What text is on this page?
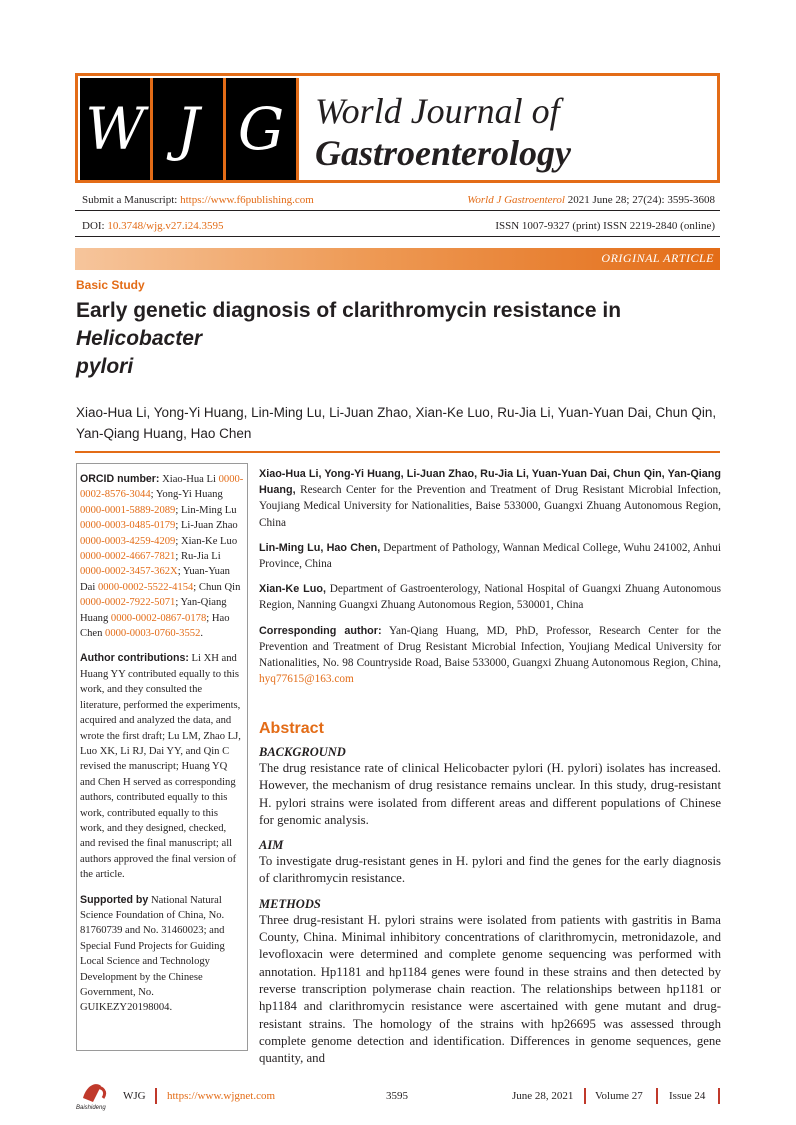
W J G World Journal of
Gastroenterology
Submit a Manuscript: https://www.f6publishing.com	World J Gastroenterol 2021 June 28; 27(24): 3595-3608
DOI: 10.3748/wjg.v27.i24.3595	ISSN 1007-9327 (print) ISSN 2219-2840 (online)
ORIGINAL ARTICLE
Basic Study
Early genetic diagnosis of clarithromycin resistance in Helicobacter
pylori
Xiao-Hua Li, Yong-Yi Huang, Lin-Ming Lu, Li-Juan Zhao, Xian-Ke Luo, Ru-Jia Li, Yuan-Yuan Dai, Chun Qin,
Yan-Qiang Huang, Hao Chen

ORCID number: Xiao-Hua Li 0000-0002-8576-3044; Yong-Yi Huang 0000-0001-5889-2089; Lin-Ming Lu 0000-0003-0485-0179; Li-Juan Zhao 0000-0003-4259-4209; Xian-Ke Luo 0000-0002-4667-7821; Ru-Jia Li 0000-0002-3457-362X; Yuan-Yuan Dai 0000-0002-5522-4154; Chun Qin 0000-0002-7922-5071; Yan-Qiang Huang 0000-0002-0867-0178; Hao Chen 0000-0003-0760-3552.

Author contributions: Li XH and Huang YY contributed equally to this work, and they consulted the literature, performed the experiments, acquired and analyzed the data, and wrote the first draft; Lu LM, Zhao LJ, Luo XK, Li RJ, Dai YY, and Qin C revised the manuscript; Huang YQ and Chen H served as corresponding authors, contributed equally to this work, contributed equally to this work, and they designed, checked, and revised the final manuscript; all authors approved the final version of the article.

Supported by National Natural Science Foundation of China, No. 81760739 and No. 31460023; and Special Fund Projects for Guiding Local Science and Technology Development by the Chinese Government, No. GUIKEZY20198004.

Xiao-Hua Li, Yong-Yi Huang, Li-Juan Zhao, Ru-Jia Li, Yuan-Yuan Dai, Chun Qin, Yan-Qiang Huang, Research Center for the Prevention and Treatment of Drug Resistant Microbial Infection, Youjiang Medical University for Nationalities, Baise 533000, Guangxi Zhuang Autonomous Region, China

Lin-Ming Lu, Hao Chen, Department of Pathology, Wannan Medical College, Wuhu 241002, Anhui Province, China

Xian-Ke Luo, Department of Gastroenterology, National Hospital of Guangxi Zhuang Autonomous Region, Nanning Guangxi Zhuang Autonomous Region, 530001, China

Corresponding author: Yan-Qiang Huang, MD, PhD, Professor, Research Center for the Prevention and Treatment of Drug Resistant Microbial Infection, Youjiang Medical University for Nationalities, No. 98 Countryside Road, Baise 533000, Guangxi Zhuang Autonomous Region, China, hyq77615@163.com

Abstract
BACKGROUND
The drug resistance rate of clinical Helicobacter pylori (H. pylori) isolates has increased. However, the mechanism of drug resistance remains unclear. In this study, drug-resistant H. pylori strains were isolated from different areas and different populations of Chinese for genomic analysis.
AIM
To investigate drug-resistant genes in H. pylori and find the genes for the early diagnosis of clarithromycin resistance.
METHODS
Three drug-resistant H. pylori strains were isolated from patients with gastritis in Bama County, China. Minimal inhibitory concentrations of clarithromycin, metronidazole, and levofloxacin were determined and complete genome sequencing was performed with annotation. Hp1181 and hp1184 genes were found in these strains and then detected by reverse transcription polymerase chain reaction. The relationships between hp1181 or hp1184 and clarithromycin resistance were ascertained with gene mutant and drug-resistant strains. The homology of the strains with hp26695 was assessed through complete genome detection and identification. Differences in genome sequences, gene quantity, and
Baishideng
WJG https://www.wjgnet.com	3595	June 28, 2021 Volume 27 Issue 24
